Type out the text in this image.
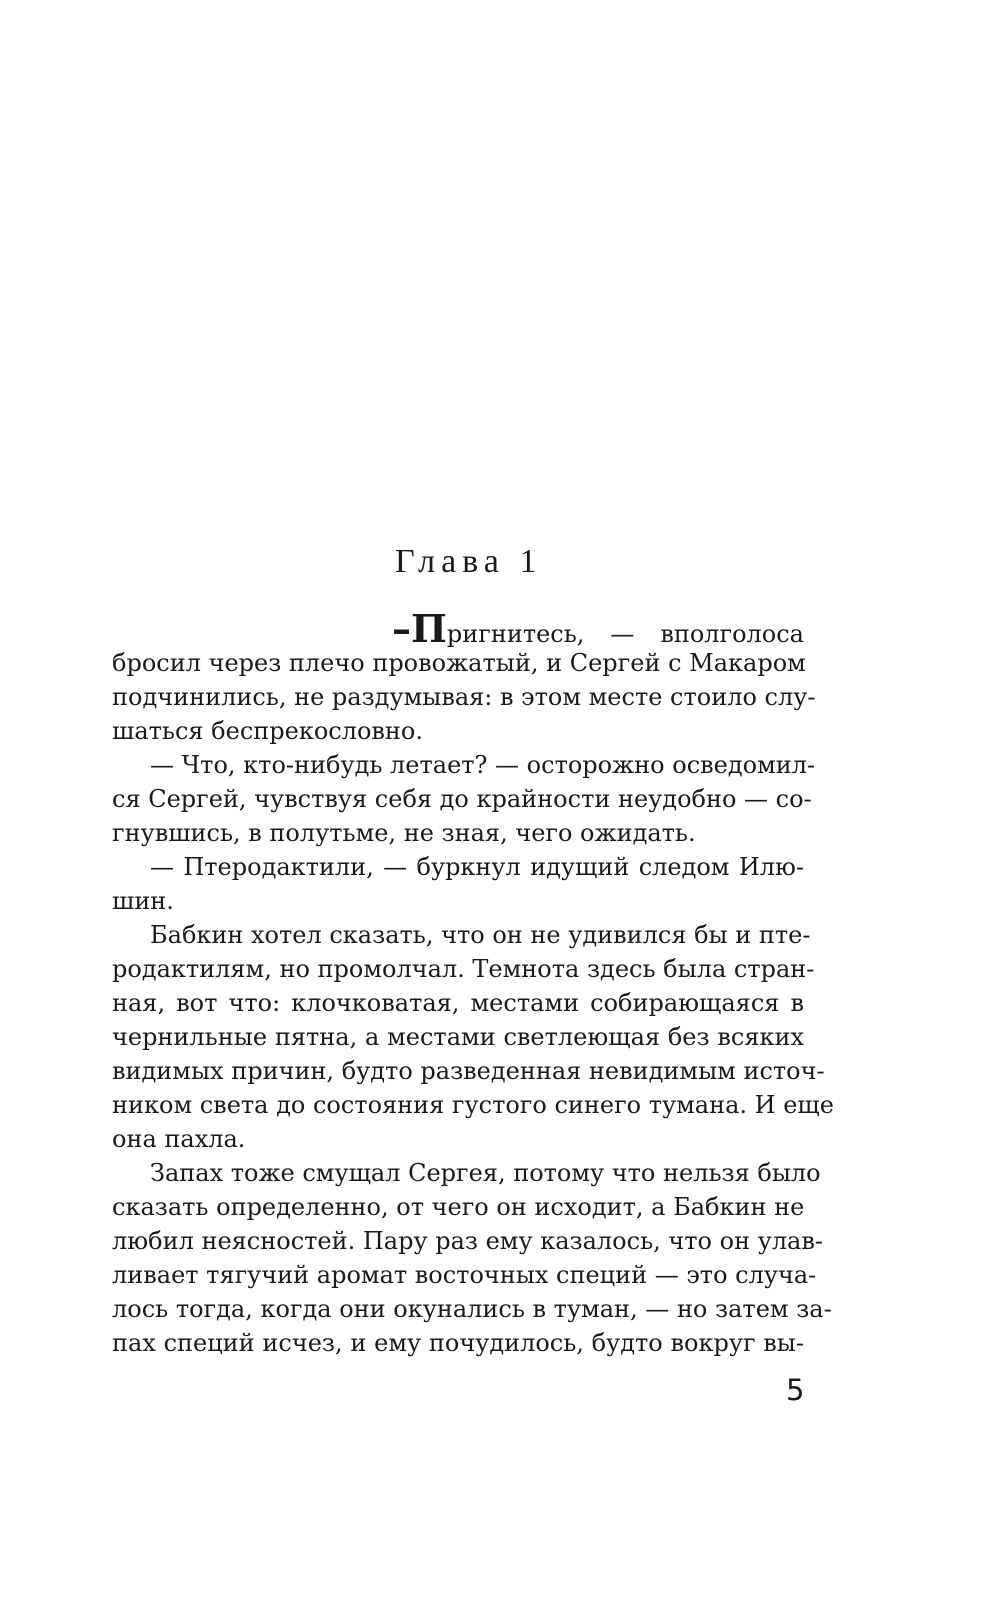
Глава 1
–Пригнитесь, — вполголоса
бросил через плечо провожатый, и Сергей с Макаром
подчинились, не раздумывая: в этом месте стоило слу-
шаться беспрекословно.
— Что, кто-нибудь летает? — осторожно осведомил-
ся Сергей, чувствуя себя до крайности неудобно — со-
гнувшись, в полутьме, не зная, чего ожидать.
— Птеродактили, — буркнул идущий следом Илю-
шин.
Бабкин хотел сказать, что он не удивился бы и пте-
родактилям, но промолчал. Темнота здесь была стран-
ная, вот что: клочковатая, местами собирающаяся в
чернильные пятна, а местами светлеющая без всяких
видимых причин, будто разведенная невидимым источ-
ником света до состояния густого синего тумана. И еще
она пахла.
Запах тоже смущал Сергея, потому что нельзя было
сказать определенно, от чего он исходит, а Бабкин не
любил неясностей. Пару раз ему казалось, что он улав-
ливает тягучий аромат восточных специй — это случа-
лось тогда, когда они окунались в туман, — но затем за-
пах специй исчез, и ему почудилось, будто вокруг вы-
5
